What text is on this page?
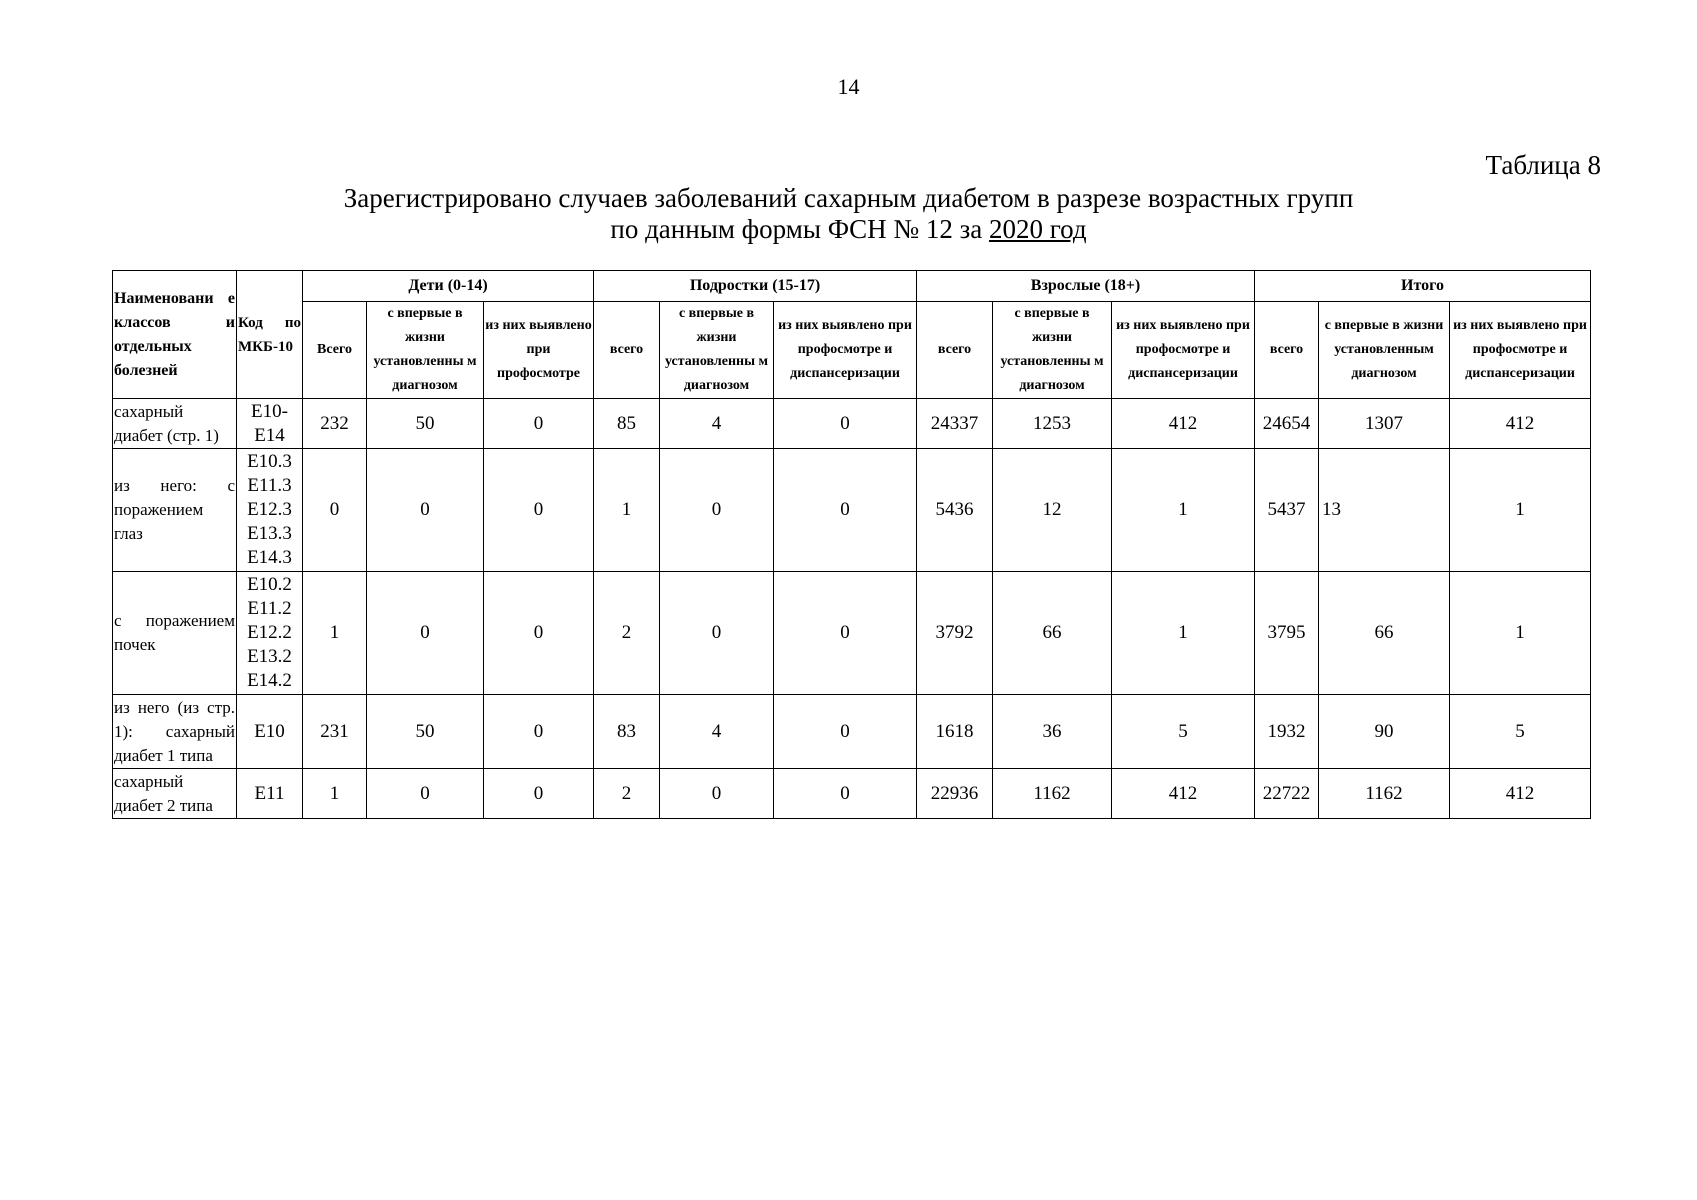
14
Таблица 8
Зарегистрировано случаев заболеваний сахарным диабетом в разрезе возрастных групп
по данным формы ФСН № 12 за 2020 год
Наименовани е классов и отдельных болезней	Код по МКБ-10	Дети (0-14)			Подростки (15-17)			Взрослые (18+)			Итого		
		Всего	с впервые в жизни установленны м диагнозом	из них выявлено при профосмотре	всего	с впервые в жизни установленны м диагнозом	из них выявлено при профосмотре и диспансеризации	всего	с впервые в жизни установленны м диагнозом	из них выявлено при профосмотре и диспансеризации	всего	с впервые в жизни установленным диагнозом	из них выявлено при профосмотре и диспансеризации
сахарный диабет (стр. 1)	E10-E14	232	50	0	85	4	0	24337	1253	412	24654	1307	412
из него: с поражением глаз	E10.3 E11.3 E12.3 E13.3 E14.3	0	0	0	1	0	0	5436	12	1	5437	13	1
с поражением почек	E10.2 E11.2 E12.2 E13.2 E14.2	1	0	0	2	0	0	3792	66	1	3795	66	1
из него (из стр. 1): сахарный диабет 1 типа	E10	231	50	0	83	4	0	1618	36	5	1932	90	5
сахарный диабет 2 типа	E11	1	0	0	2	0	0	22936	1162	412	22722	1162	412
